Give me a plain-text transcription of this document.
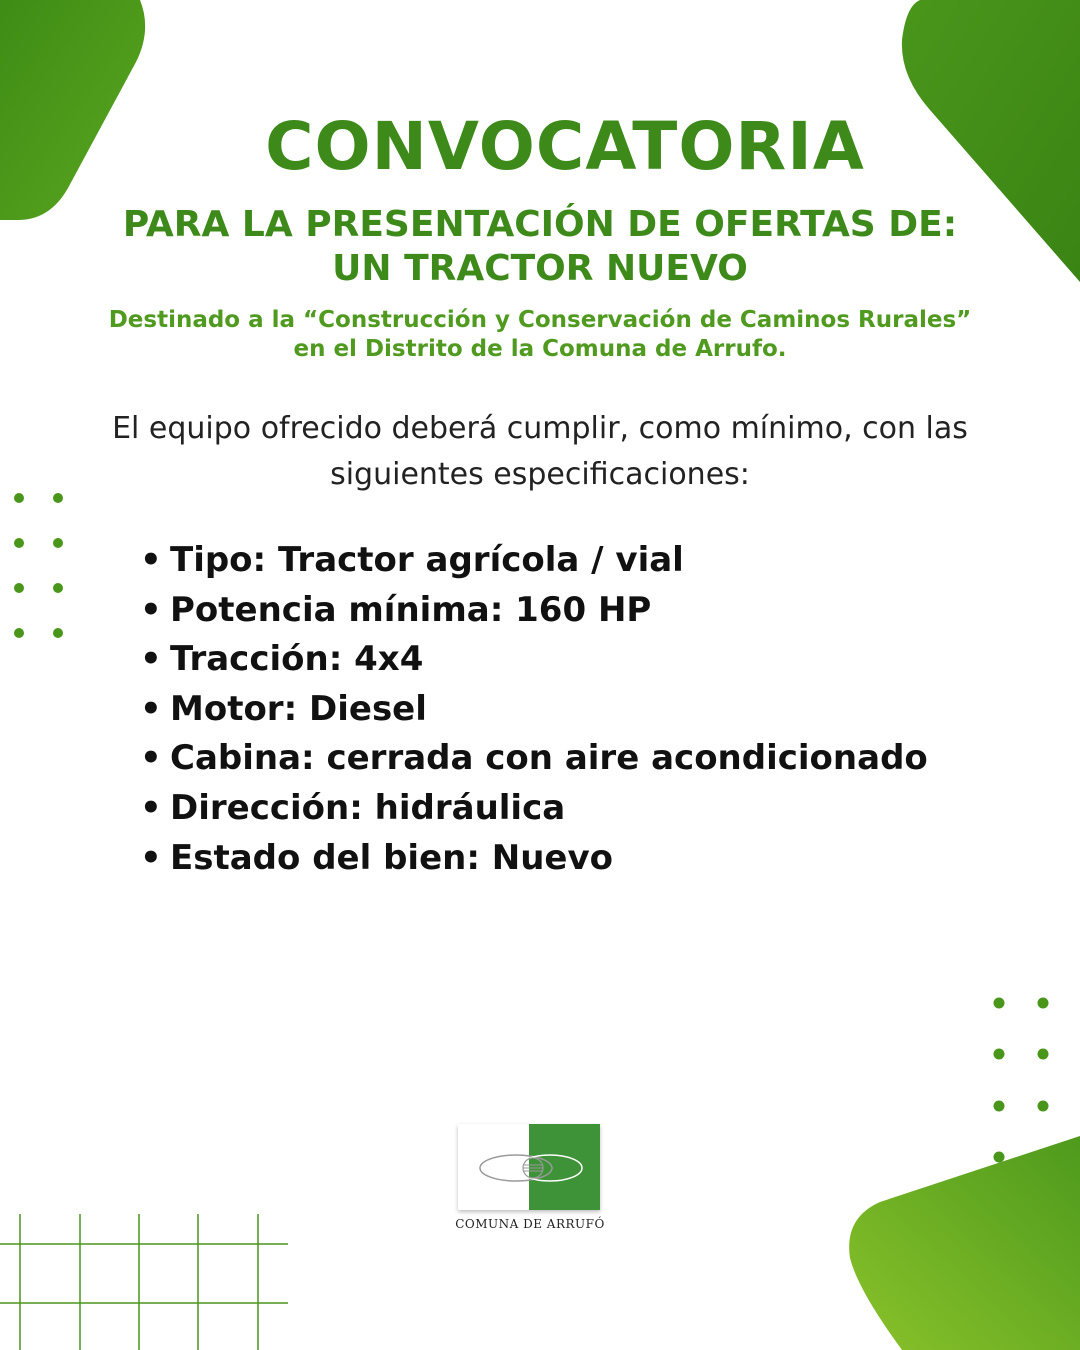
CONVOCATORIA
PARA LA PRESENTACIÓN DE OFERTAS DE:
UN TRACTOR NUEVO

Destinado a la “Construcción y Conservación de Caminos Rurales”
en el Distrito de la Comuna de Arrufo.

El equipo ofrecido deberá cumplir, como mínimo, con las
siguientes especificaciones:

• Tipo: Tractor agrícola / vial
• Potencia mínima: 160 HP
• Tracción: 4x4
• Motor: Diesel
• Cabina: cerrada con aire acondicionado
• Dirección: hidráulica
• Estado del bien: Nuevo
COMUNA DE ARRUFÓ
